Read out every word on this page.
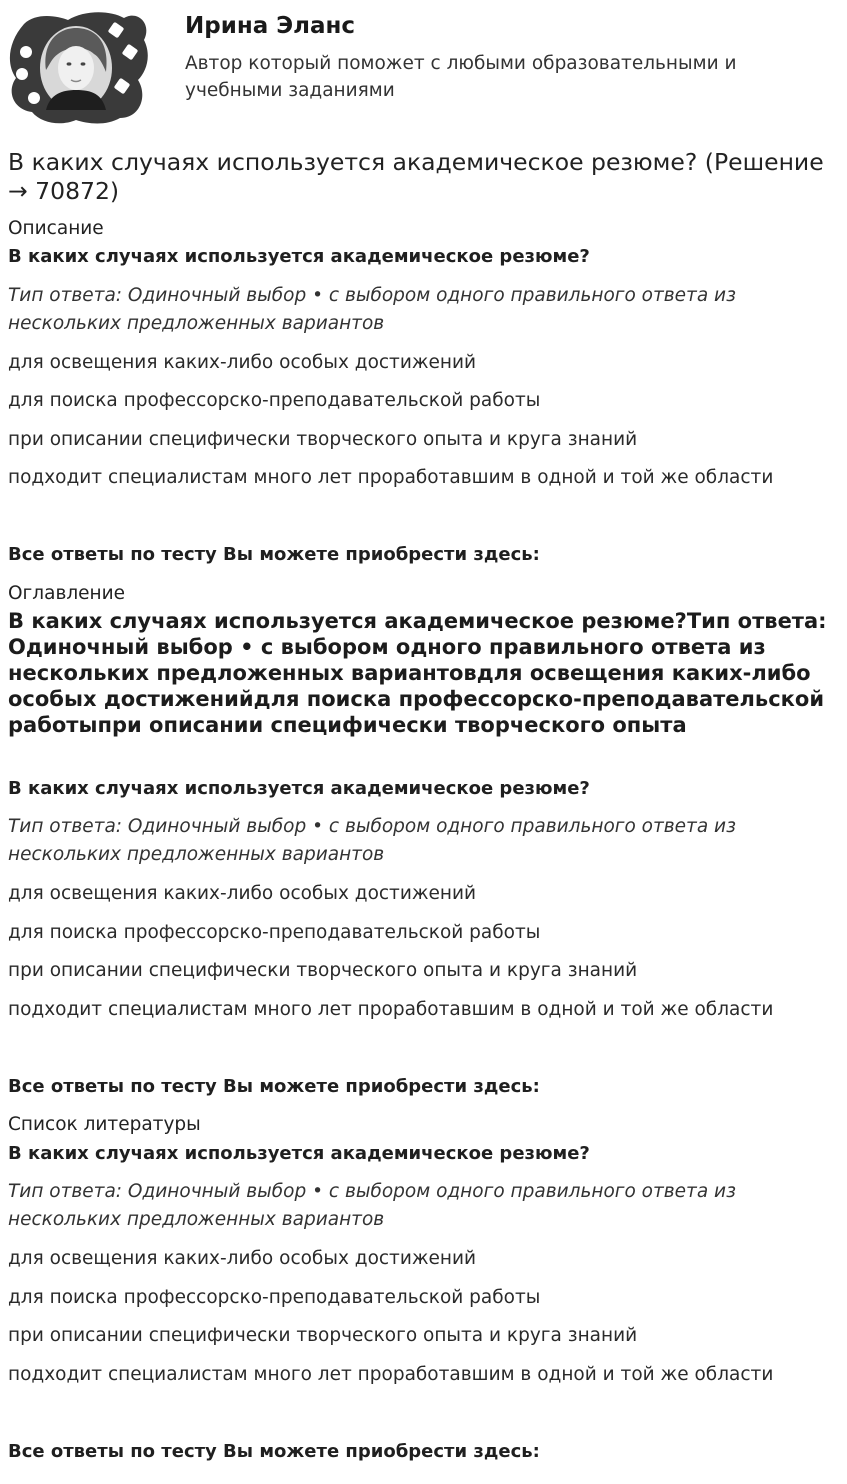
Ирина Эланс
Автор который поможет с любыми образовательными и учебными заданиями
В каких случаях используется академическое резюме? (Решение → 70872)
Описание
В каких случаях используется академическое резюме?
Тип ответа: Одиночный выбор • с выбором одного правильного ответа из нескольких предложенных вариантов
для освещения каких-либо особых достижений
для поиска профессорско-преподавательской работы
при описании специфически творческого опыта и круга знаний
подходит специалистам много лет проработавшим в одной и той же области
Все ответы по тесту Вы можете приобрести здесь:
Оглавление
В каких случаях используется академическое резюме?Тип ответа: Одиночный выбор • с выбором одного правильного ответа из нескольких предложенных вариантовдля освещения каких-либо особых достиженийдля поиска профессорско-преподавательской работыпри описании специфически творческого опыта
В каких случаях используется академическое резюме?
Тип ответа: Одиночный выбор • с выбором одного правильного ответа из нескольких предложенных вариантов
для освещения каких-либо особых достижений
для поиска профессорско-преподавательской работы
при описании специфически творческого опыта и круга знаний
подходит специалистам много лет проработавшим в одной и той же области
Все ответы по тесту Вы можете приобрести здесь:
Список литературы
В каких случаях используется академическое резюме?
Тип ответа: Одиночный выбор • с выбором одного правильного ответа из нескольких предложенных вариантов
для освещения каких-либо особых достижений
для поиска профессорско-преподавательской работы
при описании специфически творческого опыта и круга знаний
подходит специалистам много лет проработавшим в одной и той же области
Все ответы по тесту Вы можете приобрести здесь:
